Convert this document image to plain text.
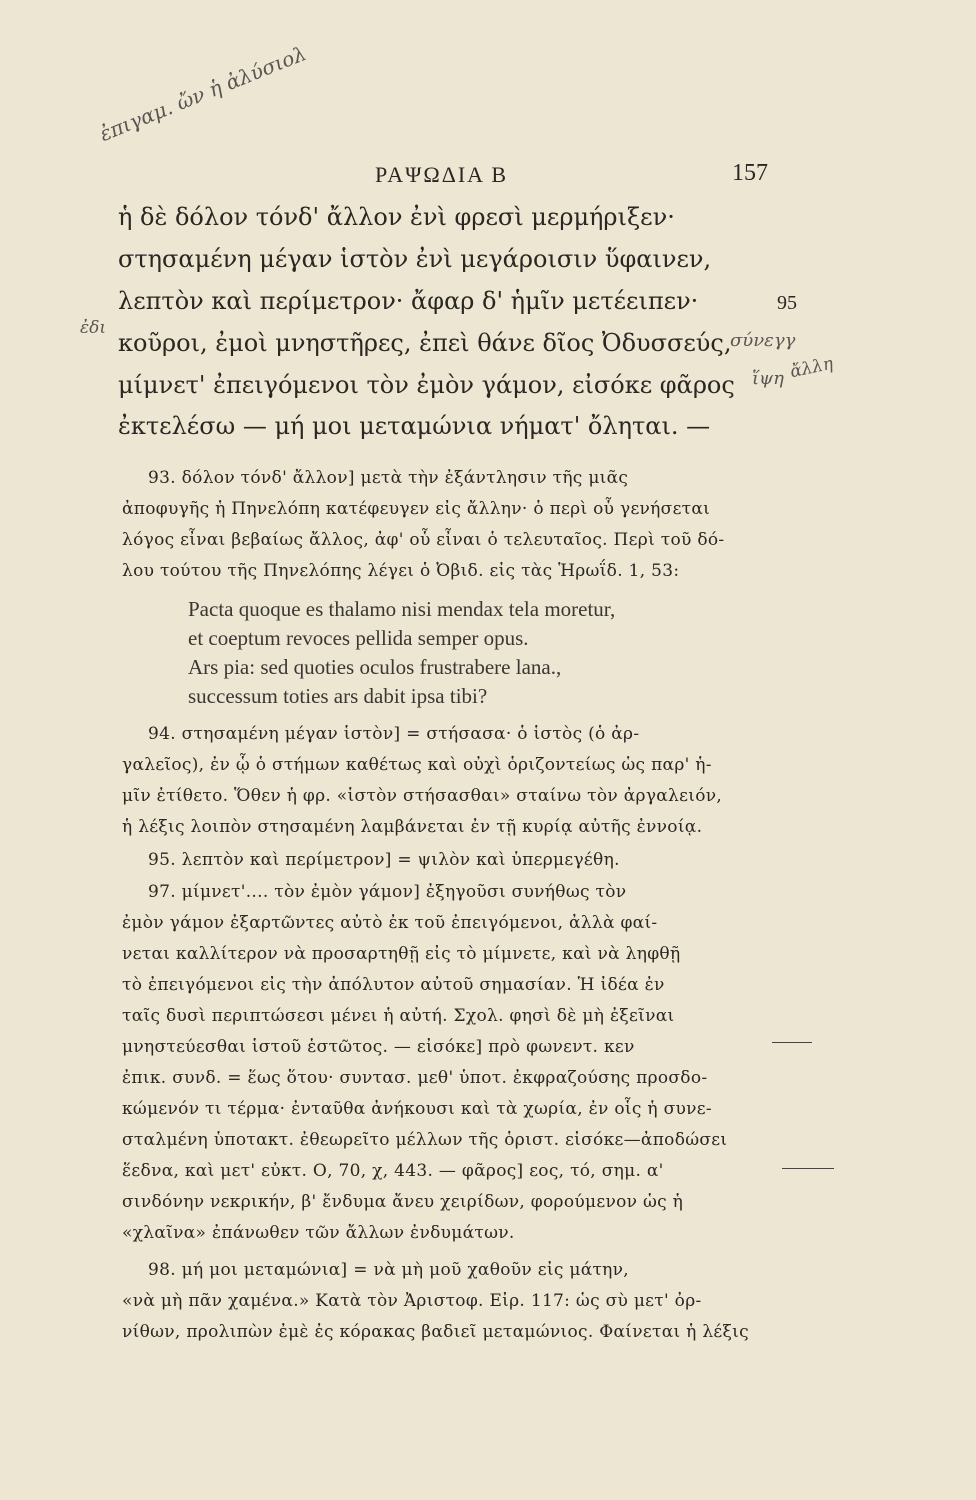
ἐπιγαμ. ὤν ἡ ἀλύσιολ
ἐδι
σύνεγγ
ἵψη ἄλλη
ΡΑΨΩΔΙΑ Β	157
ἡ δὲ δόλον τόνδ' ἄλλον ἐνὶ φρεσὶ μερμήριξεν·
στησαμένη μέγαν ἱστὸν ἐνὶ μεγάροισιν ὕφαινεν,
λεπτὸν καὶ περίμετρον· ἄφαρ δ' ἡμῖν μετέειπεν·	95
κοῦροι, ἐμοὶ μνηστῆρες, ἐπεὶ θάνε δῖος Ὀδυσσεύς,
μίμνετ' ἐπειγόμενοι τὸν ἐμὸν γάμον, εἰσόκε φᾶρος
ἐκτελέσω — μή μοι μεταμώνια νήματ' ὄληται. —
93. δόλον τόνδ' ἄλλον] μετὰ τὴν ἐξάντλησιν τῆς μιᾶς
ἀποφυγῆς ἡ Πηνελόπη κατέφευγεν εἰς ἄλλην· ὁ περὶ οὗ γενήσεται
λόγος εἶναι βεβαίως ἄλλος, ἀφ' οὗ εἶναι ὁ τελευταῖος. Περὶ τοῦ δό-
λου τούτου τῆς Πηνελόπης λέγει ὁ Ὀβιδ. εἰς τὰς Ἡρωΐδ. 1, 53:
Pacta quoque es thalamo nisi mendax tela moretur,
et coeptum revoces pellida semper opus.
Ars pia: sed quoties oculos frustrabere lana.,
successum toties ars dabit ipsa tibi?
94. στησαμένη μέγαν ἱστὸν] = στήσασα· ὁ ἱστὸς (ὁ ἀρ-
γαλεῖος), ἐν ᾧ ὁ στήμων καθέτως καὶ οὐχὶ ὁριζοντείως ὡς παρ' ἡ-
μῖν ἐτίθετο. Ὅθεν ἡ φρ. «ἱστὸν στήσασθαι» σταίνω τὸν ἀργαλειόν,
ἡ λέξις λοιπὸν στησαμένη λαμβάνεται ἐν τῇ κυρίᾳ αὐτῆς ἐννοίᾳ.
95. λεπτὸν καὶ περίμετρον] = ψιλὸν καὶ ὑπερμεγέθη.
97. μίμνετ'.... τὸν ἐμὸν γάμον] ἐξηγοῦσι συνήθως τὸν
ἐμὸν γάμον ἐξαρτῶντες αὐτὸ ἐκ τοῦ ἐπειγόμενοι, ἀλλὰ φαί-
νεται καλλίτερον νὰ προσαρτηθῇ εἰς τὸ μίμνετε, καὶ νὰ ληφθῇ
τὸ ἐπειγόμενοι εἰς τὴν ἀπόλυτον αὐτοῦ σημασίαν. Ἡ ἰδέα ἐν
ταῖς δυσὶ περιπτώσεσι μένει ἡ αὐτή. Σχολ. φησὶ δὲ μὴ ἐξεῖναι
μνηστεύεσθαι ἱστοῦ ἑστῶτος. — εἰσόκε] πρὸ φωνεντ. κεν
ἐπικ. συνδ. = ἕως ὅτου· συντασ. μεθ' ὑποτ. ἐκφραζούσης προσδο-
κώμενόν τι τέρμα· ἐνταῦθα ἀνήκουσι καὶ τὰ χωρία, ἐν οἷς ἡ συνε-
σταλμένη ὑποτακτ. ἐθεωρεῖτο μέλλων τῆς ὁριστ. εἰσόκε—ἀποδώσει
ἕεδνα, καὶ μετ' εὐκτ. Ο, 70, χ, 443. — φᾶρος] εος, τό, σημ. α'
σινδόνην νεκρικήν, β' ἔνδυμα ἄνευ χειρίδων, φορούμενον ὡς ἡ
«χλαῖνα» ἐπάνωθεν τῶν ἄλλων ἐνδυμάτων.
98. μή μοι μεταμώνια] = νὰ μὴ μοῦ χαθοῦν εἰς μάτην,
«νὰ μὴ πᾶν χαμένα.» Κατὰ τὸν Ἀριστοφ. Εἰρ. 117: ὡς σὺ μετ' ὀρ-
νίθων, προλιπὼν ἐμὲ ἐς κόρακας βαδιεῖ μεταμώνιος. Φαίνεται ἡ λέξις
